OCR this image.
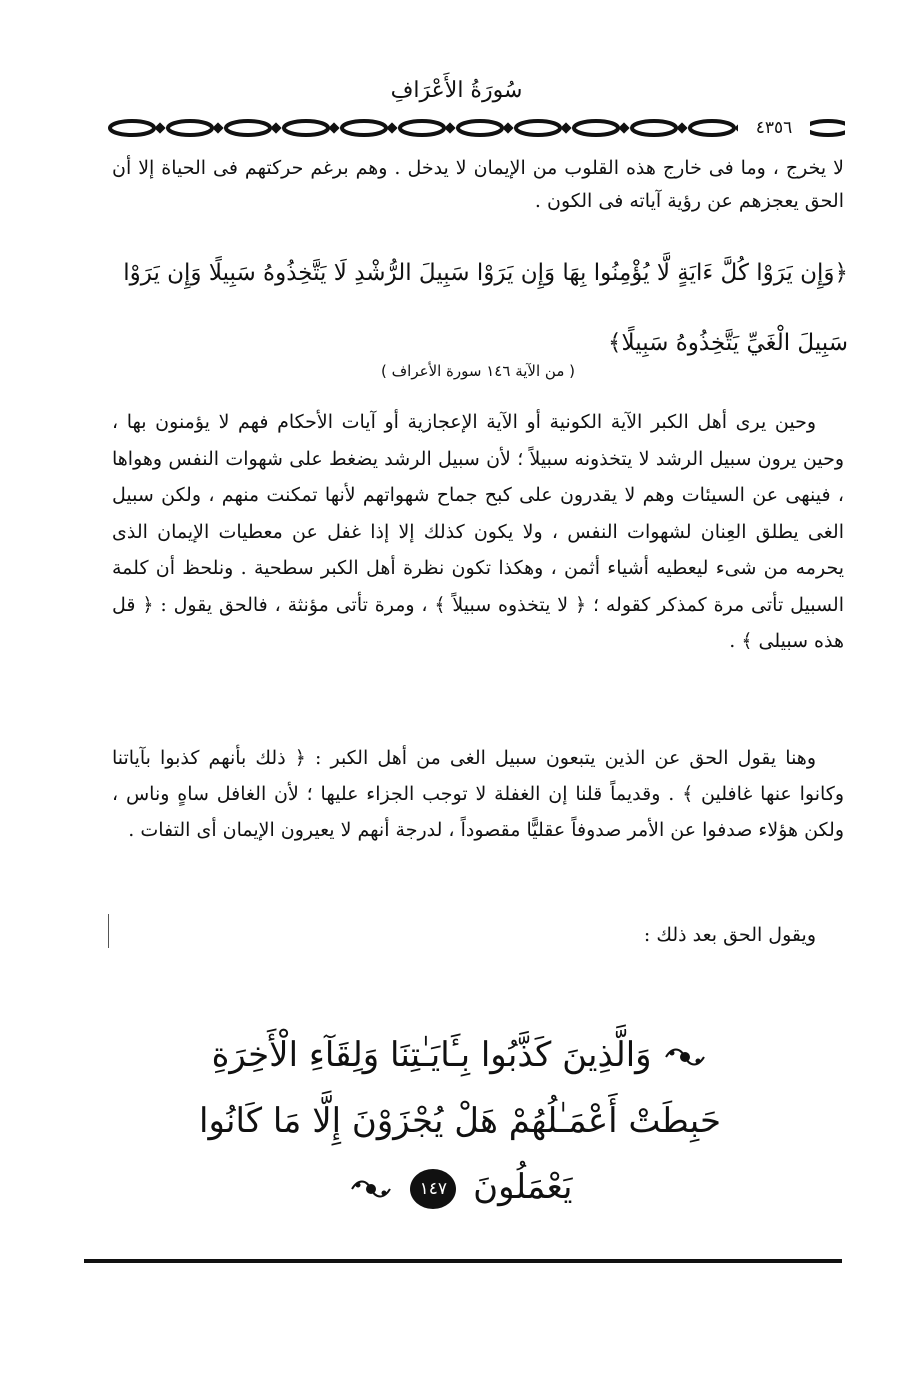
سُورَةُ الأَعْرَافِ
٤٣٥٦
لا يخرج ، وما فى خارج هذه القلوب من الإيمان لا يدخل . وهم برغم حركتهم فى الحياة إلا أن الحق يعجزهم عن رؤية آياته فى الكون .
﴿وَإِن يَرَوْا كُلَّ ءَايَةٍ لَّا يُؤْمِنُوا بِهَا وَإِن يَرَوْا سَبِيلَ الرُّشْدِ لَا يَتَّخِذُوهُ سَبِيلًا وَإِن يَرَوْا سَبِيلَ الْغَيِّ يَتَّخِذُوهُ سَبِيلًا﴾
( من الآية ١٤٦ سورة الأعراف )
وحين يرى أهل الكبر الآية الكونية أو الآية الإعجازية أو آيات الأحكام فهم لا يؤمنون بها ، وحين يرون سبيل الرشد لا يتخذونه سبيلاً ؛ لأن سبيل الرشد يضغط على شهوات النفس وهواها ، فينهى عن السيئات وهم لا يقدرون على كبح جماح شهواتهم لأنها تمكنت منهم ، ولكن سبيل الغى يطلق العِنان لشهوات النفس ، ولا يكون كذلك إلا إذا غفل عن معطيات الإيمان الذى يحرمه من شىء ليعطيه أشياء أثمن ، وهكذا تكون نظرة أهل الكبر سطحية . ونلحظ أن كلمة السبيل تأتى مرة كمذكر كقوله ؛ ﴿ لا يتخذوه سبيلاً ﴾ ، ومرة تأتى مؤنثة ، فالحق يقول : ﴿ قل هذه سبيلى ﴾ .
وهنا يقول الحق عن الذين يتبعون سبيل الغى من أهل الكبر : ﴿ ذلك بأنهم كذبوا بآياتنا وكانوا عنها غافلين ﴾ . وقديماً قلنا إن الغفلة لا توجب الجزاء عليها ؛ لأن الغافل ساهٍ وناس ، ولكن هؤلاء صدفوا عن الأمر صدوفاً عقليًّا مقصوداً ، لدرجة أنهم لا يعيرون الإيمان أى التفات .
ويقول الحق بعد ذلك :
وَالَّذِينَ كَذَّبُوا بِـَٔايَـٰتِنَا وَلِقَآءِ الْأَخِرَةِ
حَبِطَتْ أَعْمَـٰلُهُمْ هَلْ يُجْزَوْنَ إِلَّا مَا كَانُوا
يَعْمَلُونَ ١٤٧
